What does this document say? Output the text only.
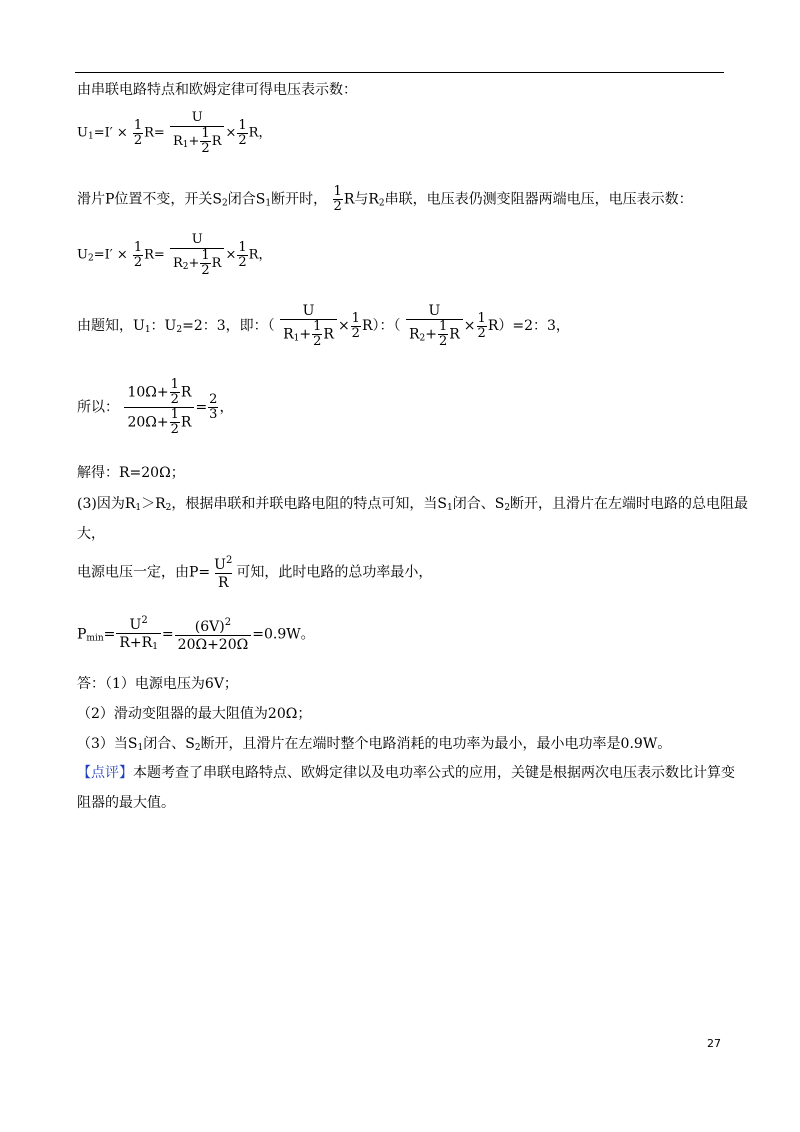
由串联电路特点和欧姆定律可得电压表示数：
$U_1=I' \times \frac{1}{2} R= \frac{U}{R_1+ \frac{1}{2} R} \times \frac{1}{2}$ R，
滑片P位置不变，开关$S_2$闭合$S_1$断开时， $\frac{1}{2}$ R与$R_2$串联，电压表仍测变阻器两端电压，电压表示数：
$U_2=I' \times \frac{1}{2} R= \frac{U}{R_2+ \frac{1}{2} R} \times \frac{1}{2}$ R，
由题知，$U_1$：$U_2=2$：3，即：（ $\frac{U}{R_1+ \frac{1}{2} R} \times \frac{1}{2} R$）：（ $\frac{U}{R_2+ \frac{1}{2} R} \times \frac{1}{2} R)=2$：3，
所以： $\frac{10\Omega+ \frac{1}{2} R}{20\Omega+ \frac{1}{2} R} = \frac{2}{3}$ ，
解得：R=20Ω；
(3)因为$R_1>R_2$，根据串联和并联电路电阻的特点可知，当$S_1$闭合、$S_2$断开，且滑片在左端时电路的总电阻最
大，
电源电压一定，由$P= \frac{U^2}{R}$ 可知，此时电路的总功率最小，
$P_{min}= \frac{U^2}{R+R_1} = \frac{(6V)^2}{20\Omega+20\Omega} =0.9W$。
答：（1）电源电压为6V；
（2）滑动变阻器的最大阻值为20Ω；
（3）当$S_1$闭合、$S_2$断开，且滑片在左端时整个电路消耗的电功率为最小，最小电功率是0.9W。
【点评】本题考查了串联电路特点、欧姆定律以及电功率公式的应用，关键是根据两次电压表示数比计算变
阻器的最大值。
27
